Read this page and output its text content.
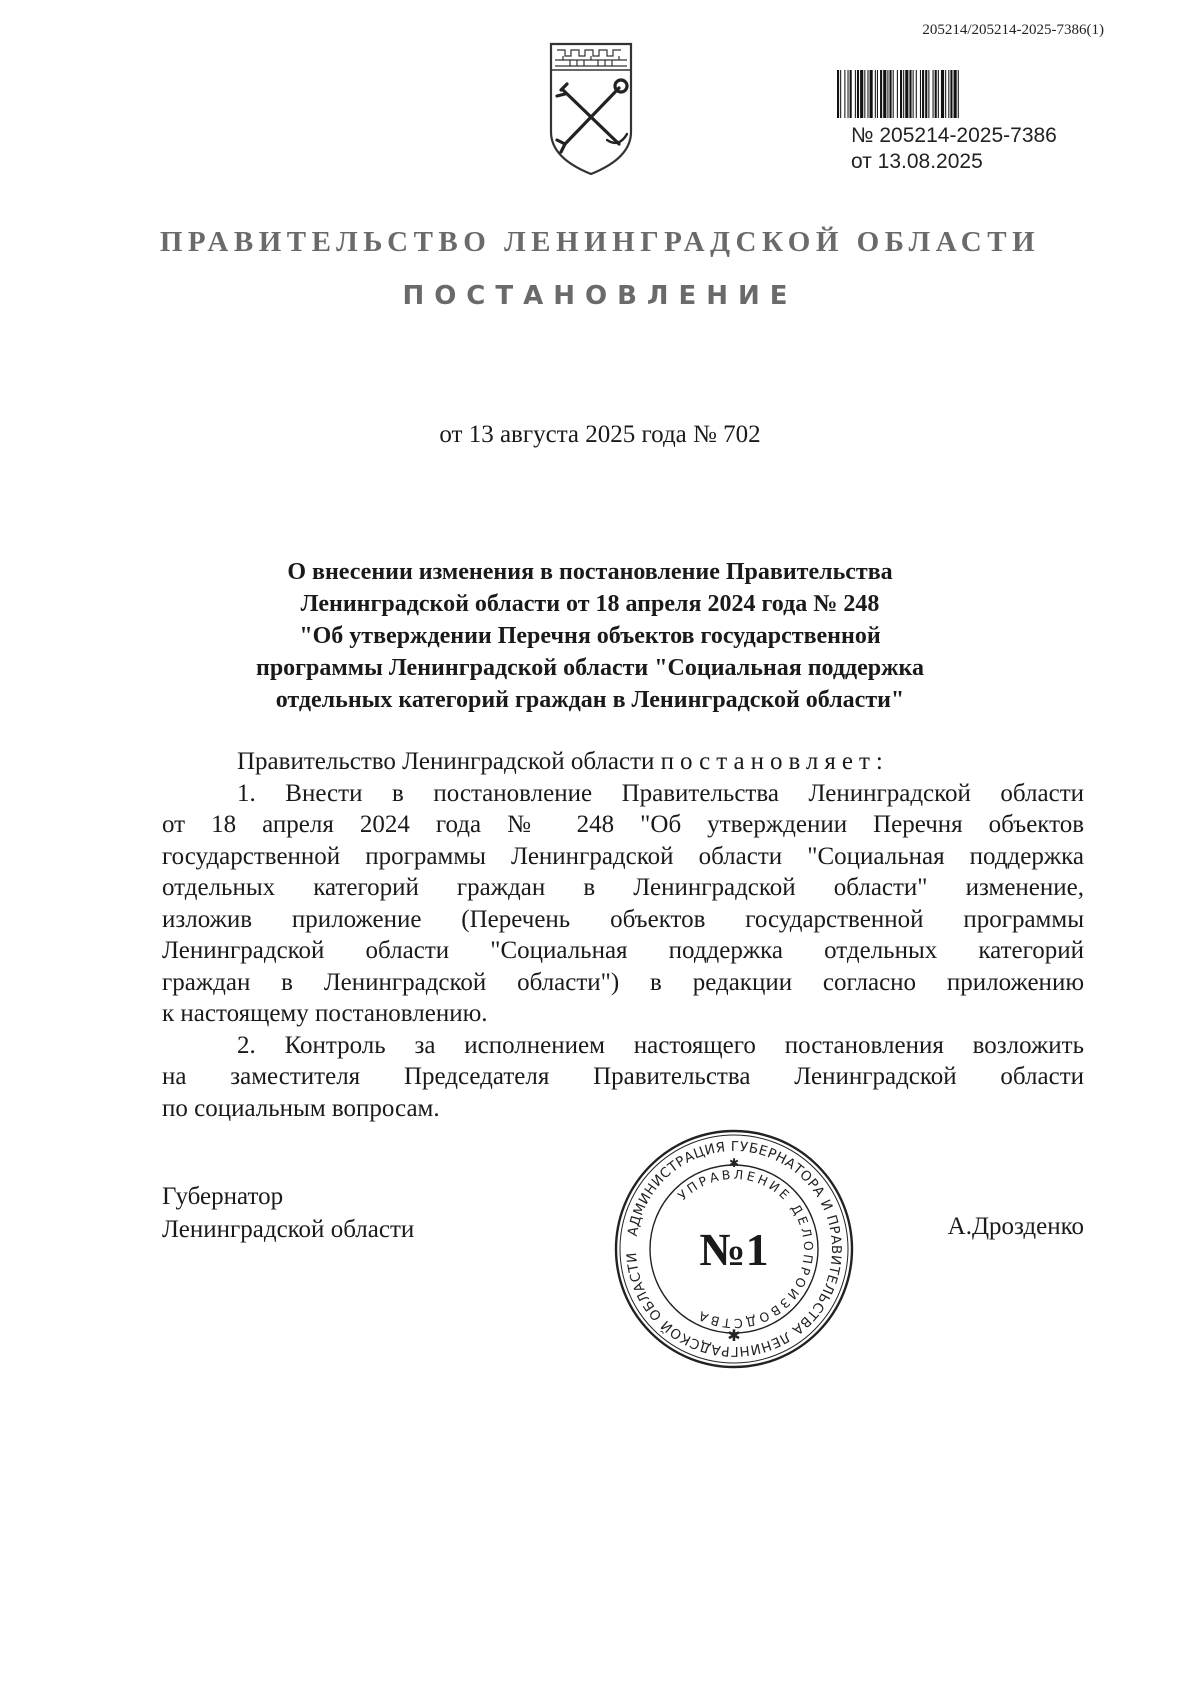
205214/205214-2025-7386(1)
№ 205214-2025-7386
от 13.08.2025
ПРАВИТЕЛЬСТВО ЛЕНИНГРАДСКОЙ ОБЛАСТИ
ПОСТАНОВЛЕНИЕ
от 13 августа 2025 года № 702
О внесении изменения в постановление Правительства
Ленинградской области от 18 апреля 2024 года № 248
"Об утверждении Перечня объектов государственной
программы Ленинградской области "Социальная поддержка
отдельных категорий граждан в Ленинградской области"
Правительство Ленинградской области постановляет:
1. Внести в постановление Правительства Ленинградской области
от 18 апреля 2024 года № 248 "Об утверждении Перечня объектов
государственной программы Ленинградской области "Социальная поддержка
отдельных категорий граждан в Ленинградской области" изменение,
изложив приложение (Перечень объектов государственной программы
Ленинградской области "Социальная поддержка отдельных категорий
граждан в Ленинградской области") в редакции согласно приложению
к настоящему постановлению.
2. Контроль за исполнением настоящего постановления возложить
на заместителя Председателя Правительства Ленинградской области
по социальным вопросам.
Губернатор
Ленинградской области	АДМИНИСТРАЦИЯ ГУБЕРНАТОРА И ПРАВИТЕЛЬСТВА ЛЕНИНГРАДСКОЙ ОБЛАСТИ
УПРАВЛЕНИЕ ДЕЛОПРОИЗВОДСТВА
№1
✱
✱
А.Дрозденко
